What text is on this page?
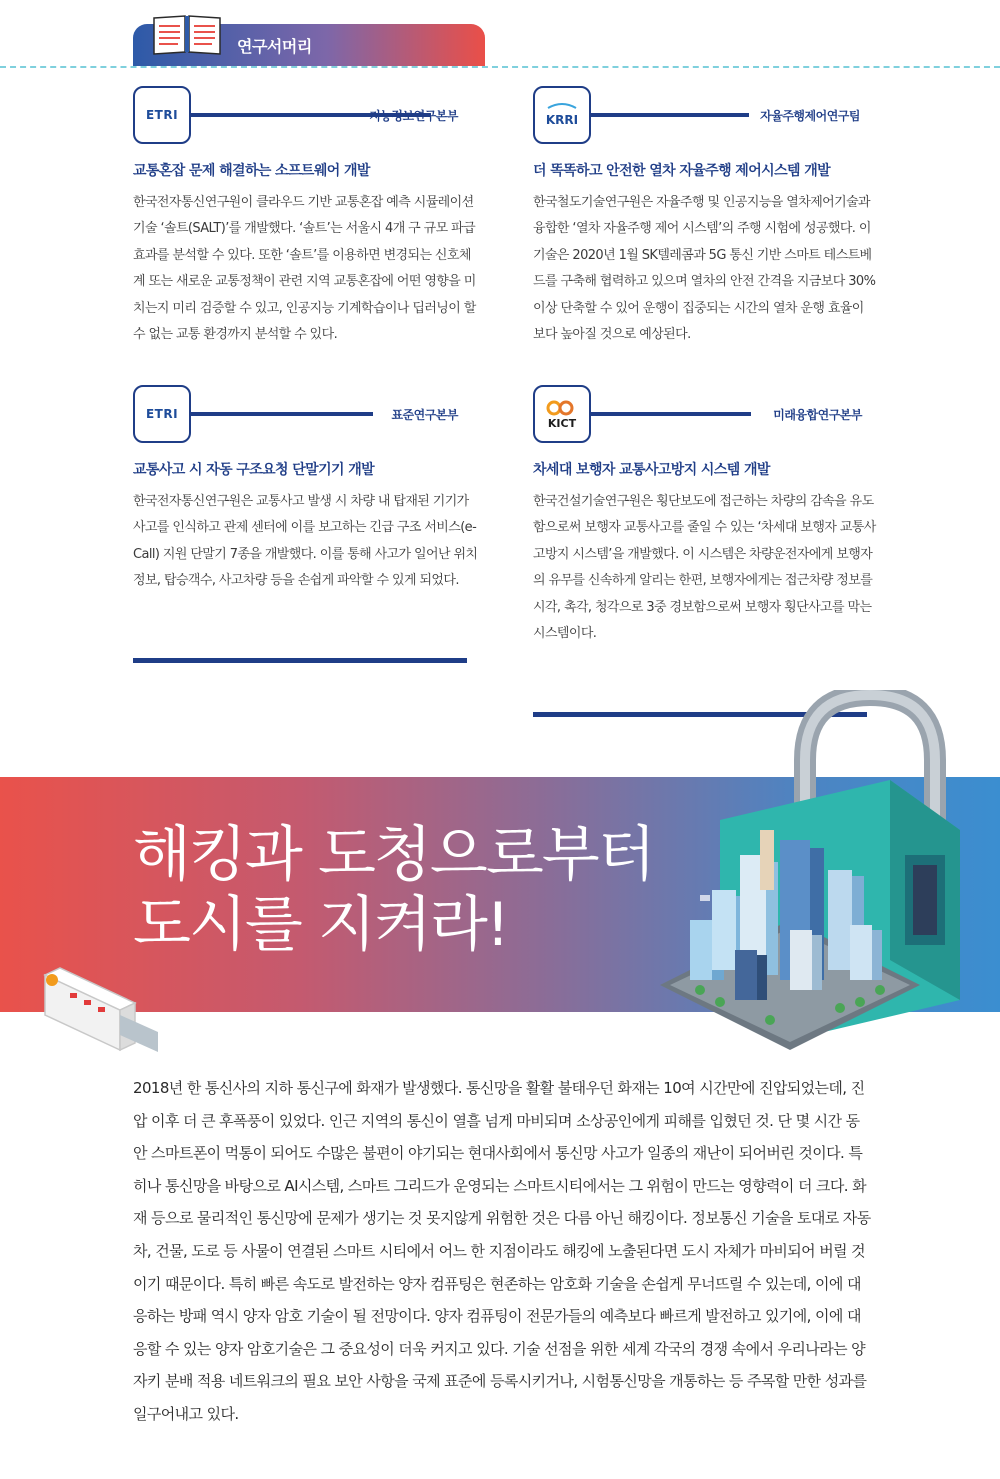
연구서머리
ETRI	지능정보연구본부
교통혼잡 문제 해결하는 소프트웨어 개발
한국전자통신연구원이 클라우드 기반 교통혼잡 예측 시뮬레이션 기술 ‘솔트(SALT)’를 개발했다. ‘솔트’는 서울시 4개 구 규모 파급효과를 분석할 수 있다. 또한 ‘솔트’를 이용하면 변경되는 신호체계 또는 새로운 교통정책이 관련 지역 교통혼잡에 어떤 영향을 미치는지 미리 검증할 수 있고, 인공지능 기계학습이나 딥러닝이 할 수 없는 교통 환경까지 분석할 수 있다.
KRRI	자율주행제어연구팀
더 똑똑하고 안전한 열차 자율주행 제어시스템 개발
한국철도기술연구원은 자율주행 및 인공지능을 열차제어기술과 융합한 ‘열차 자율주행 제어 시스템’의 주행 시험에 성공했다. 이 기술은 2020년 1월 SK텔레콤과 5G 통신 기반 스마트 테스트베드를 구축해 협력하고 있으며 열차의 안전 간격을 지금보다 30% 이상 단축할 수 있어 운행이 집중되는 시간의 열차 운행 효율이 보다 높아질 것으로 예상된다.
ETRI	표준연구본부
교통사고 시 자동 구조요청 단말기기 개발
한국전자통신연구원은 교통사고 발생 시 차량 내 탑재된 기기가 사고를 인식하고 관제 센터에 이를 보고하는 긴급 구조 서비스(e-Call) 지원 단말기 7종을 개발했다. 이를 통해 사고가 일어난 위치정보, 탑승객수, 사고차량 등을 손쉽게 파악할 수 있게 되었다.
KICT
미래융합연구본부
차세대 보행자 교통사고방지 시스템 개발
한국건설기술연구원은 횡단보도에 접근하는 차량의 감속을 유도함으로써 보행자 교통사고를 줄일 수 있는 ‘차세대 보행자 교통사고방지 시스템’을 개발했다. 이 시스템은 차량운전자에게 보행자의 유무를 신속하게 알리는 한편, 보행자에게는 접근차량 정보를 시각, 촉각, 청각으로 3중 경보함으로써 보행자 횡단사고를 막는 시스템이다.
해킹과 도청으로부터
도시를 지켜라!
2018년 한 통신사의 지하 통신구에 화재가 발생했다. 통신망을 활활 불태우던 화재는 10여 시간만에 진압되었는데, 진압 이후 더 큰 후폭풍이 있었다. 인근 지역의 통신이 열흘 넘게 마비되며 소상공인에게 피해를 입혔던 것. 단 몇 시간 동안 스마트폰이 먹통이 되어도 수많은 불편이 야기되는 현대사회에서 통신망 사고가 일종의 재난이 되어버린 것이다. 특히나 통신망을 바탕으로 AI시스템, 스마트 그리드가 운영되는 스마트시티에서는 그 위험이 만드는 영향력이 더 크다. 화재 등으로 물리적인 통신망에 문제가 생기는 것 못지않게 위험한 것은 다름 아닌 해킹이다. 정보통신 기술을 토대로 자동차, 건물, 도로 등 사물이 연결된 스마트 시티에서 어느 한 지점이라도 해킹에 노출된다면 도시 자체가 마비되어 버릴 것이기 때문이다. 특히 빠른 속도로 발전하는 양자 컴퓨팅은 현존하는 암호화 기술을 손쉽게 무너뜨릴 수 있는데, 이에 대응하는 방패 역시 양자 암호 기술이 될 전망이다. 양자 컴퓨팅이 전문가들의 예측보다 빠르게 발전하고 있기에, 이에 대응할 수 있는 양자 암호기술은 그 중요성이 더욱 커지고 있다. 기술 선점을 위한 세계 각국의 경쟁 속에서 우리나라는 양자키 분배 적용 네트워크의 필요 보안 사항을 국제 표준에 등록시키거나, 시험통신망을 개통하는 등 주목할 만한 성과를 일구어내고 있다.
